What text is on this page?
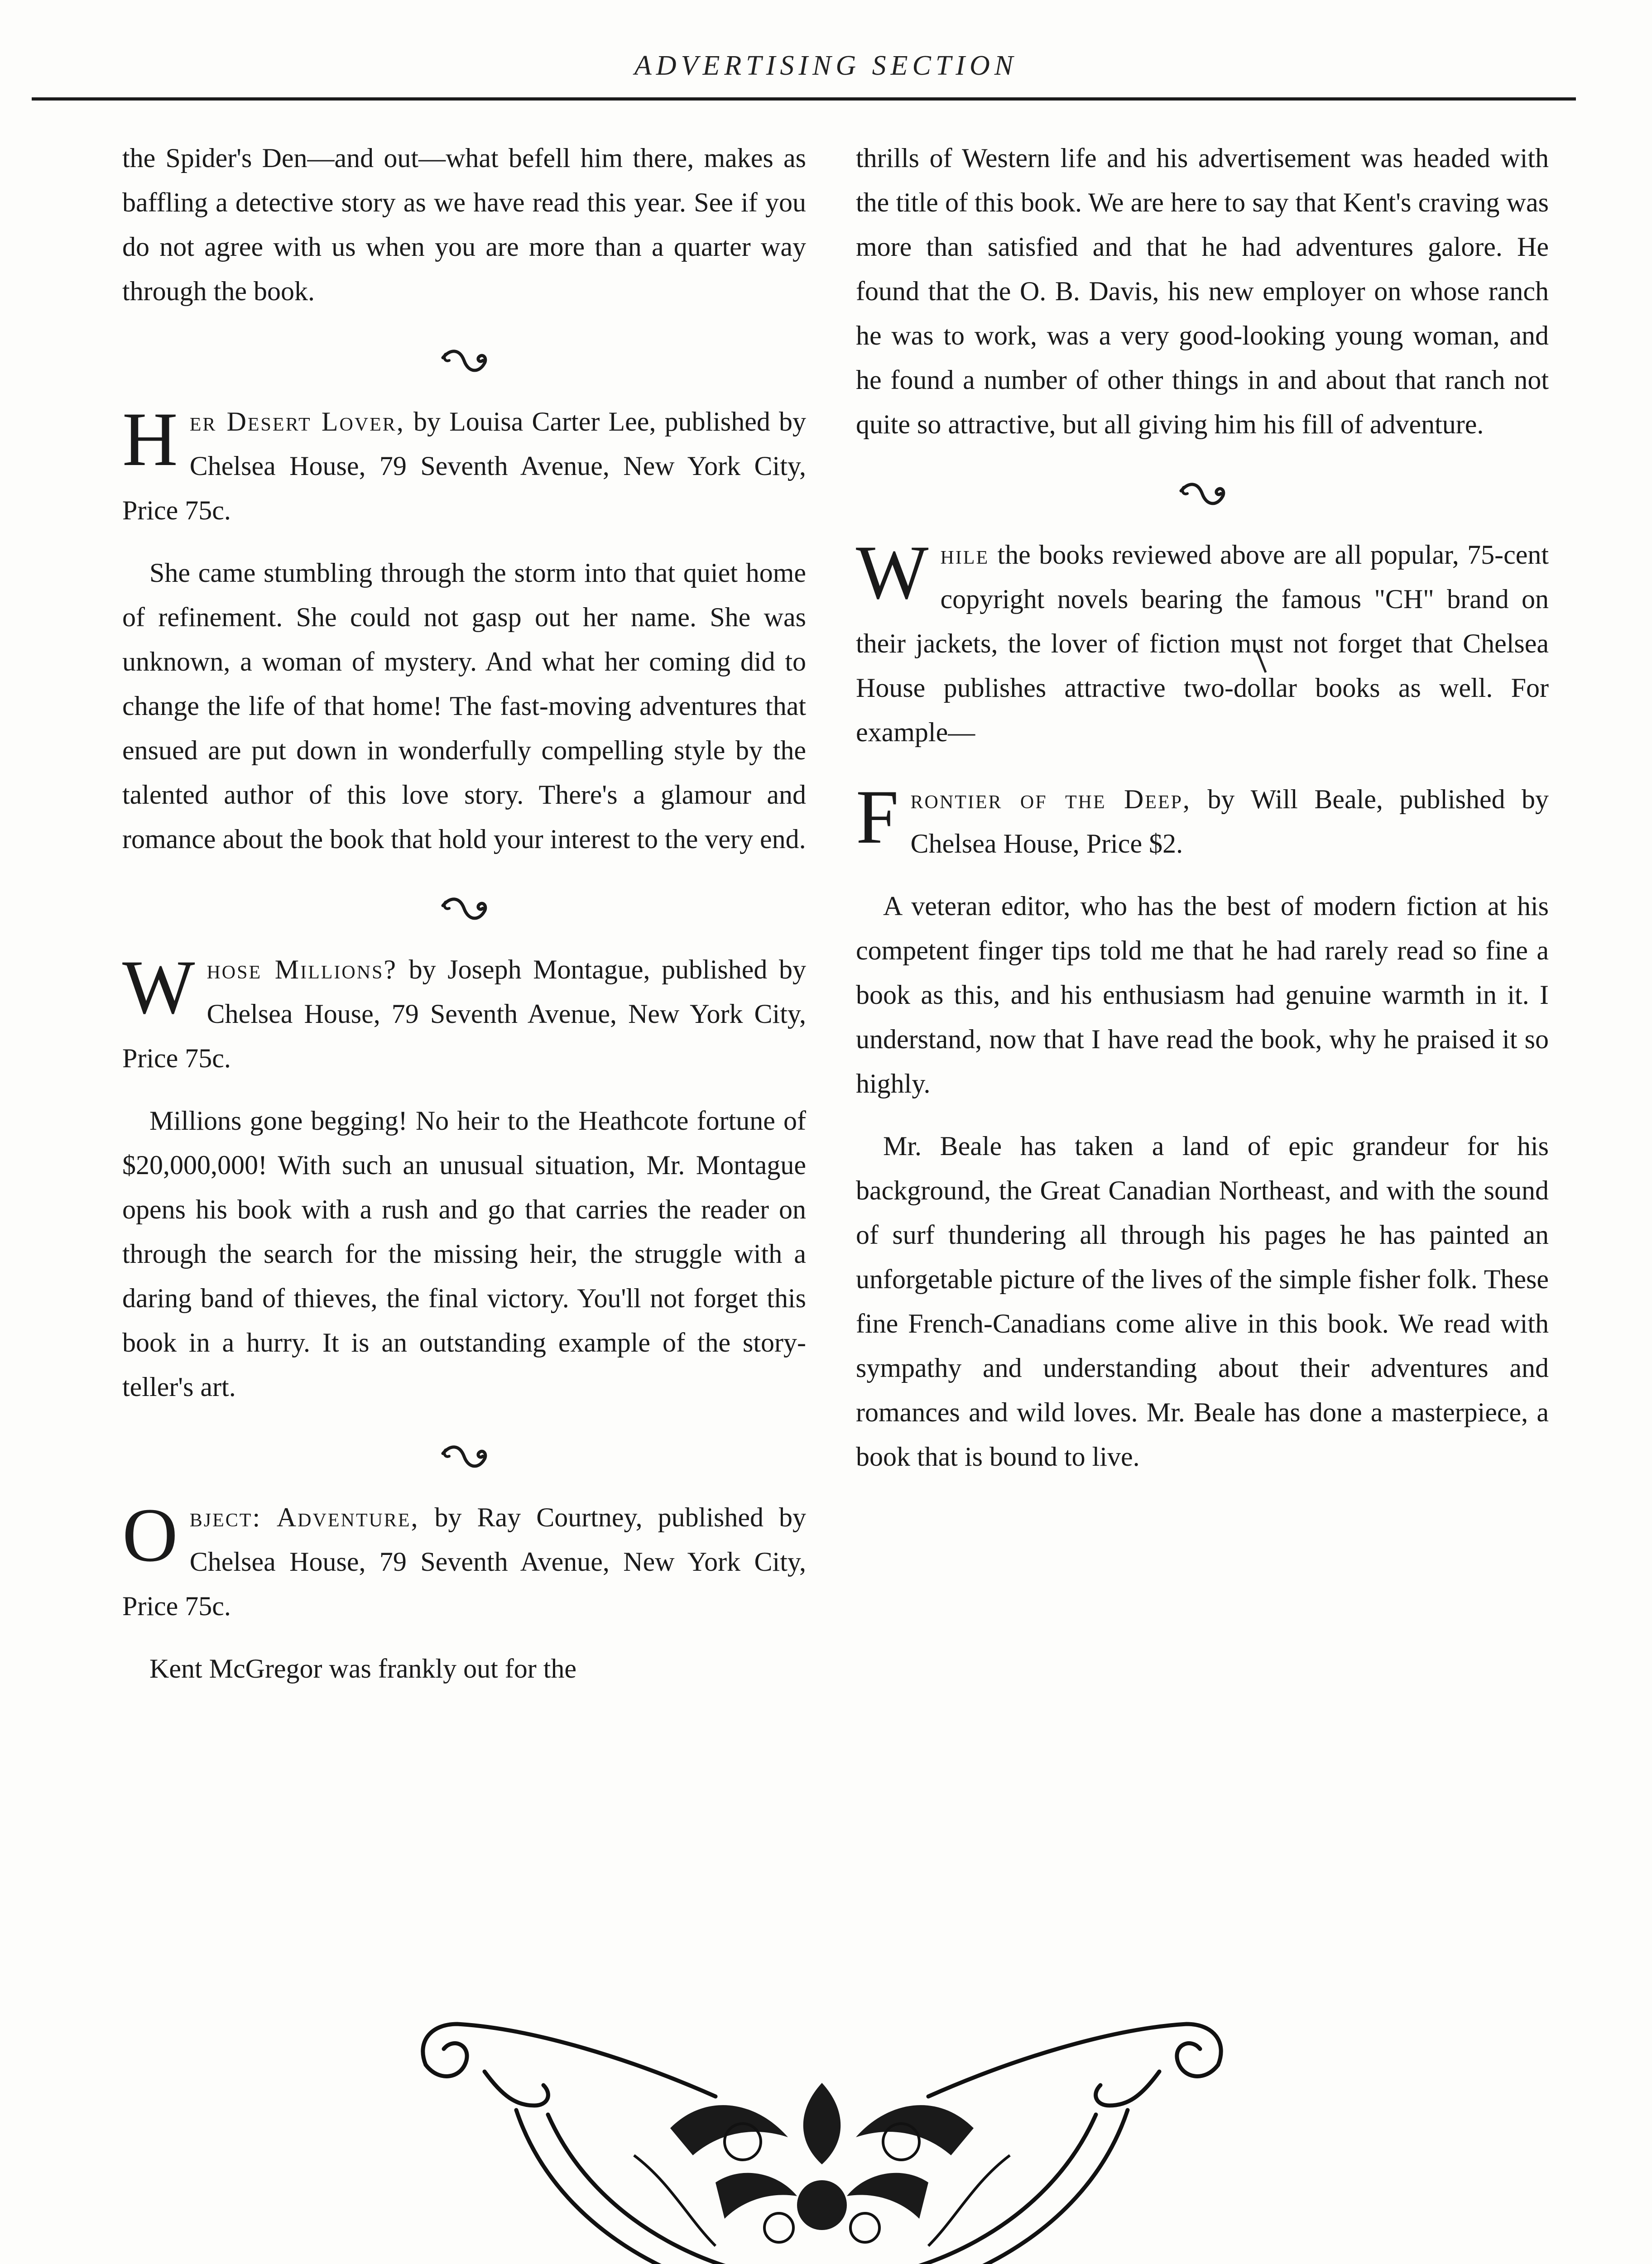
ADVERTISING SECTION

the Spider's Den—and out—what befell him there, makes as baffling a detective story as we have read this year. See if you do not agree with us when you are more than a quarter way through the book.

H er Desert Lover, by Louisa Carter Lee, published by Chelsea House, 79 Seventh Avenue, New York City, Price 75c.

She came stumbling through the storm into that quiet home of refinement. She could not gasp out her name. She was unknown, a woman of mystery. And what her coming did to change the life of that home! The fast-moving adventures that ensued are put down in wonderfully compelling style by the talented author of this love story. There's a glamour and romance about the book that hold your interest to the very end.

W hose Millions? by Joseph Montague, published by Chelsea House, 79 Seventh Avenue, New York City, Price 75c.

Millions gone begging! No heir to the Heathcote fortune of $20,000,000! With such an unusual situation, Mr. Montague opens his book with a rush and go that carries the reader on through the search for the missing heir, the struggle with a daring band of thieves, the final victory. You'll not forget this book in a hurry. It is an outstanding example of the story-teller's art.

O bject: Adventure, by Ray Courtney, published by Chelsea House, 79 Seventh Avenue, New York City, Price 75c.

Kent McGregor was frankly out for the

thrills of Western life and his advertisement was headed with the title of this book. We are here to say that Kent's craving was more than satisfied and that he had adventures galore. He found that the O. B. Davis, his new employer on whose ranch he was to work, was a very good-looking young woman, and he found a number of other things in and about that ranch not quite so attractive, but all giving him his fill of adventure.

W hile the books reviewed above are all popular, 75-cent copyright novels bearing the famous "CH" brand on their jackets, the lover of fiction must not forget that Chelsea House publishes attractive two-dollar books as well. For example—
F rontier of the Deep, by Will Beale, published by Chelsea House, Price $2.

A veteran editor, who has the best of modern fiction at his competent finger tips told me that he had rarely read so fine a book as this, and his enthusiasm had genuine warmth in it. I understand, now that I have read the book, why he praised it so highly.

Mr. Beale has taken a land of epic grandeur for his background, the Great Canadian Northeast, and with the sound of surf thundering all through his pages he has painted an unforgetable picture of the lives of the simple fisher folk. These fine French-Canadians come alive in this book. We read with sympathy and understanding about their adventures and romances and wild loves. Mr. Beale has done a masterpiece, a book that is bound to live.
